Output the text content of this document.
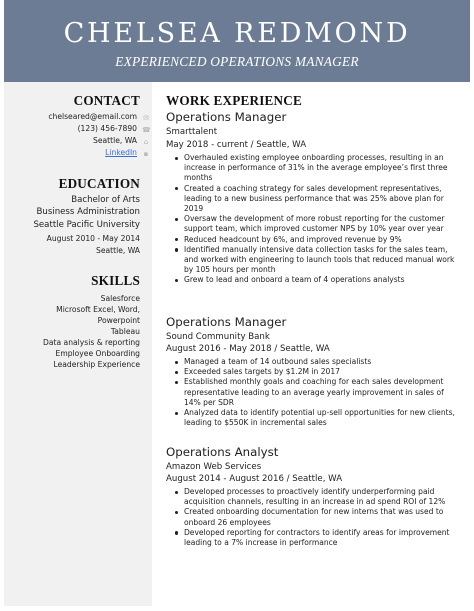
CHELSEA REDMOND
EXPERIENCED OPERATIONS MANAGER
CONTACT
chelseared@email.com ✉
(123) 456-7890 ☎
Seattle, WA ⌂
LinkedIn ▪
EDUCATION
Bachelor of Arts
Business Administration
Seattle Pacific University
August 2010 - May 2014
Seattle, WA
SKILLS
Salesforce
Microsoft Excel, Word,
Powerpoint
Tableau
Data analysis & reporting
Employee Onboarding
Leadership Experience
WORK EXPERIENCE
Operations Manager
Smarttalent
May 2018 - current / Seattle, WA
Overhauled existing employee onboarding processes, resulting in an increase in performance of 31% in the average employee’s first three months
Created a coaching strategy for sales development representatives, leading to a new business performance that was 25% above plan for 2019
Oversaw the development of more robust reporting for the customer support team, which improved customer NPS by 10% year over year
Reduced headcount by 6%, and improved revenue by 9%
Identified manually intensive data collection tasks for the sales team, and worked with engineering to launch tools that reduced manual work by 105 hours per month
Grew to lead and onboard a team of 4 operations analysts
Operations Manager
Sound Community Bank
August 2016 - May 2018 / Seattle, WA
Managed a team of 14 outbound sales specialists
Exceeded sales targets by $1.2M in 2017
Established monthly goals and coaching for each sales development representative leading to an average yearly improvement in sales of 14% per SDR
Analyzed data to identify potential up-sell opportunities for new clients, leading to $550K in incremental sales
Operations Analyst
Amazon Web Services
August 2014 - August 2016 / Seattle, WA
Developed processes to proactively identify underperforming paid acquisition channels, resulting in an increase in ad spend ROI of 12%
Created onboarding documentation for new interns that was used to onboard 26 employees
Developed reporting for contractors to identify areas for improvement leading to a 7% increase in performance
